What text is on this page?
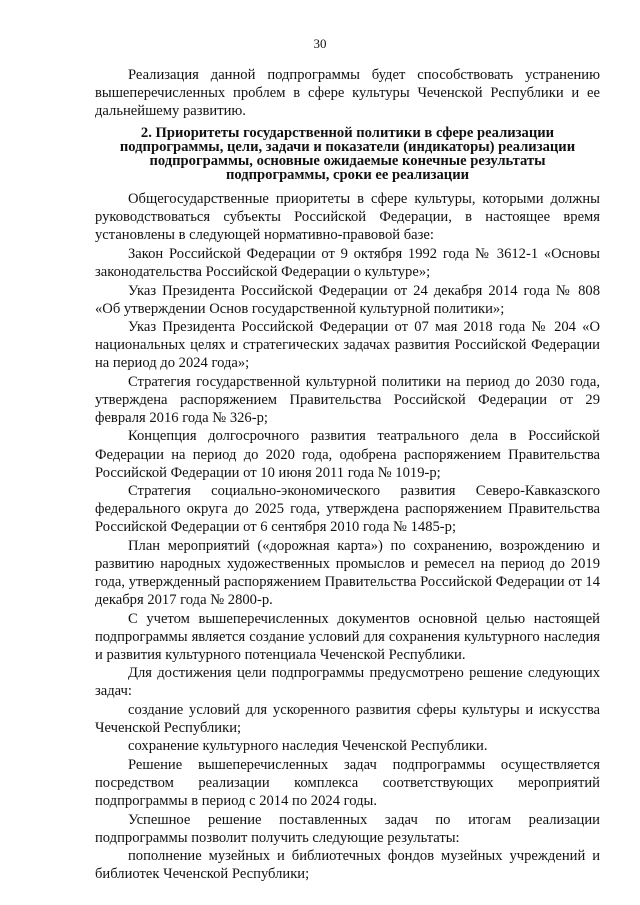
30

Реализация данной подпрограммы будет способствовать устранению вышеперечисленных проблем в сфере культуры Чеченской Республики и ее дальнейшему развитию.

2. Приоритеты государственной политики в сфере реализации
подпрограммы, цели, задачи и показатели (индикаторы) реализации
подпрограммы, основные ожидаемые конечные результаты
подпрограммы, сроки ее реализации

Общегосударственные приоритеты в сфере культуры, которыми должны руководствоваться субъекты Российской Федерации, в настоящее время установлены в следующей нормативно-правовой базе:

Закон Российской Федерации от 9 октября 1992 года № 3612-1 «Основы законодательства Российской Федерации о культуре»;

Указ Президента Российской Федерации от 24 декабря 2014 года № 808 «Об утверждении Основ государственной культурной политики»;

Указ Президента Российской Федерации от 07 мая 2018 года № 204 «О национальных целях и стратегических задачах развития Российской Федерации на период до 2024 года»;

Стратегия государственной культурной политики на период до 2030 года, утверждена распоряжением Правительства Российской Федерации от 29 февраля 2016 года № 326-р;

Концепция долгосрочного развития театрального дела в Российской Федерации на период до 2020 года, одобрена распоряжением Правительства Российской Федерации от 10 июня 2011 года № 1019-р;

Стратегия социально-экономического развития Северо-Кавказского федерального округа до 2025 года, утверждена распоряжением Правительства Российской Федерации от 6 сентября 2010 года № 1485-р;

План мероприятий («дорожная карта») по сохранению, возрождению и развитию народных художественных промыслов и ремесел на период до 2019 года, утвержденный распоряжением Правительства Российской Федерации от 14 декабря 2017 года № 2800-р.

С учетом вышеперечисленных документов основной целью настоящей подпрограммы является создание условий для сохранения культурного наследия и развития культурного потенциала Чеченской Республики.

Для достижения цели подпрограммы предусмотрено решение следующих задач:

создание условий для ускоренного развития сферы культуры и искусства Чеченской Республики;

сохранение культурного наследия Чеченской Республики.

Решение вышеперечисленных задач подпрограммы осуществляется посредством реализации комплекса соответствующих мероприятий подпрограммы в период с 2014 по 2024 годы.

Успешное решение поставленных задач по итогам реализации подпрограммы позволит получить следующие результаты:

пополнение музейных и библиотечных фондов музейных учреждений и библиотек Чеченской Республики;
